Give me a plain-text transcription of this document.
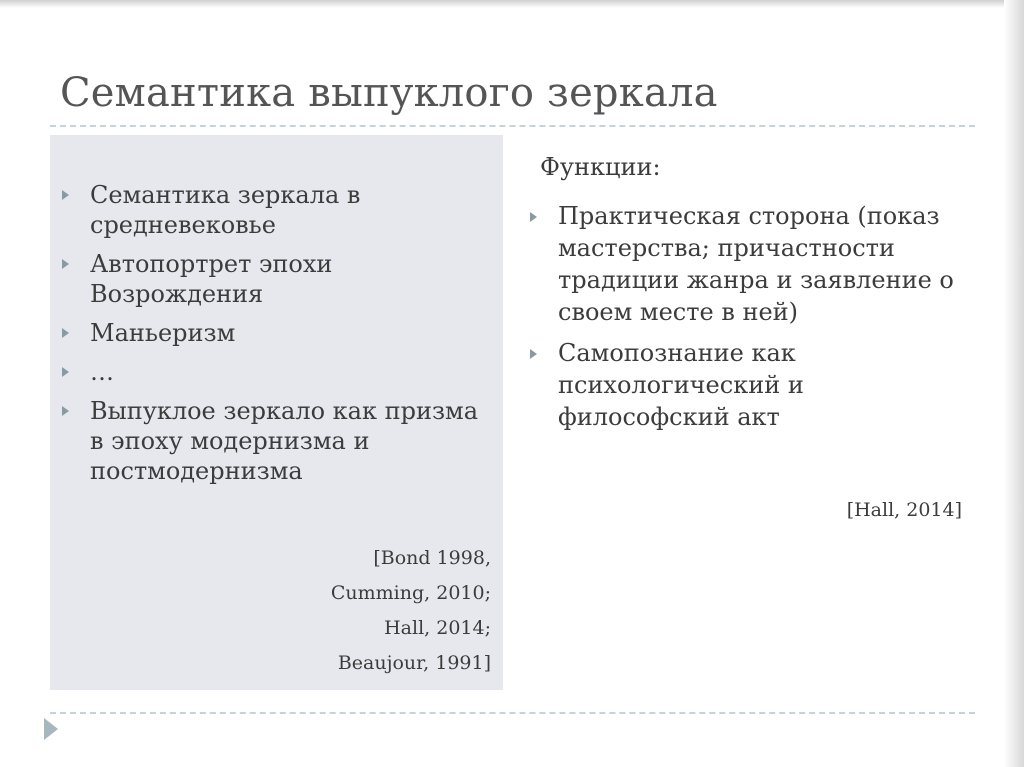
Семантика выпуклого зеркала
Семантика зеркала в средневековье
Автопортрет эпохи Возрождения
Маньеризм
…
Выпуклое зеркало как призма в эпоху модернизма и постмодернизма
[Bond 1998,
Cumming, 2010;
Hall, 2014;
Beaujour, 1991]
Функции:
Практическая сторона (показ мастерства; причастности традиции жанра и заявление о своем месте в ней)
Самопознание как психологический и философский акт
[Hall, 2014]
